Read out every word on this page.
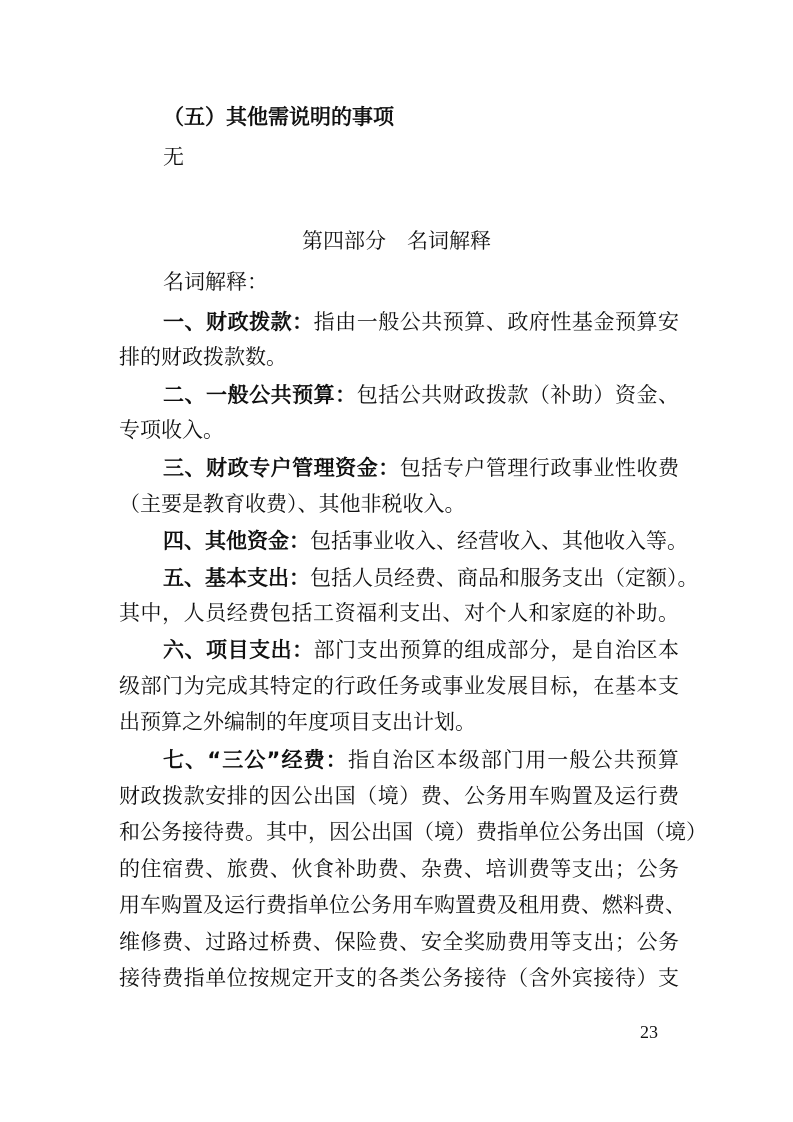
（五）其他需说明的事项
无
第四部分　名词解释
名词解释：
一、财政拨款：指由一般公共预算、政府性基金预算安
排的财政拨款数。
二、一般公共预算：包括公共财政拨款（补助）资金、
专项收入。
三、财政专户管理资金：包括专户管理行政事业性收费
（主要是教育收费）、其他非税收入。
四、其他资金：包括事业收入、经营收入、其他收入等。
五、基本支出：包括人员经费、商品和服务支出（定额）。
其中，人员经费包括工资福利支出、对个人和家庭的补助。
六、项目支出：部门支出预算的组成部分，是自治区本
级部门为完成其特定的行政任务或事业发展目标，在基本支
出预算之外编制的年度项目支出计划。
七、“三公”经费：指自治区本级部门用一般公共预算
财政拨款安排的因公出国（境）费、公务用车购置及运行费
和公务接待费。其中，因公出国（境）费指单位公务出国（境）
的住宿费、旅费、伙食补助费、杂费、培训费等支出；公务
用车购置及运行费指单位公务用车购置费及租用费、燃料费、
维修费、过路过桥费、保险费、安全奖励费用等支出；公务
接待费指单位按规定开支的各类公务接待（含外宾接待）支
23
